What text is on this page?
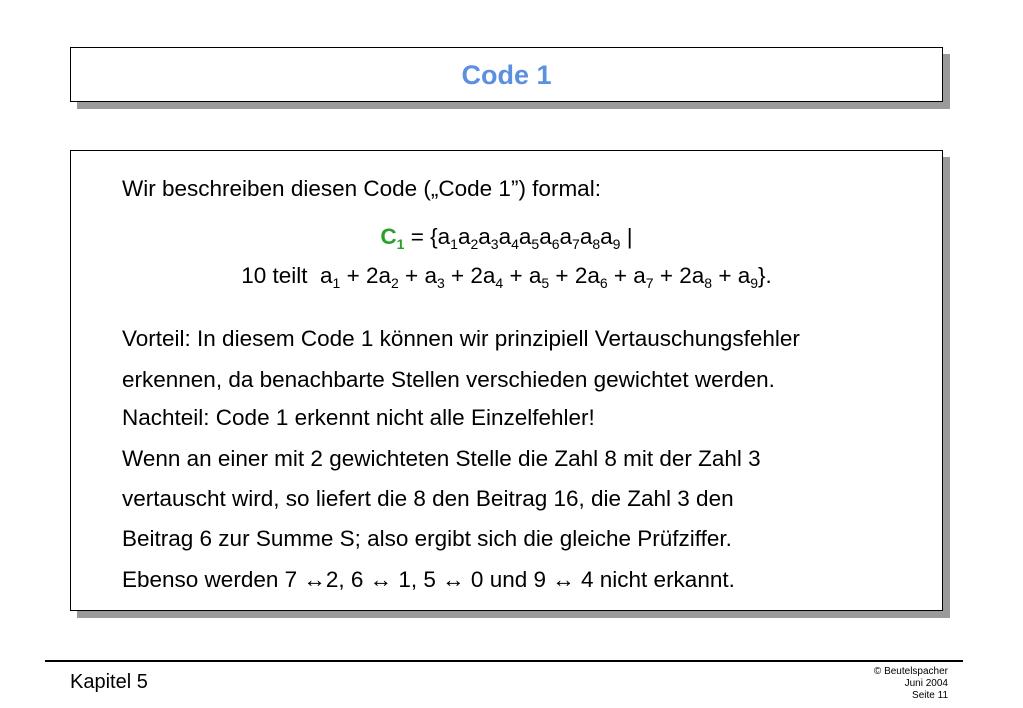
Code 1
Wir beschreiben diesen Code („Code 1”) formal:
$C_1 = \{a_1a_2a_3a_4a_5a_6a_7a_8a_9$ |
10 teilt $a_1 + 2a_2 + a_3 + 2a_4 + a_5 + 2a_6 + a_7 + 2a_8 + a_9$}.
Vorteil: In diesem Code 1 können wir prinzipiell Vertauschungsfehler
erkennen, da benachbarte Stellen verschieden gewichtet werden.
Nachteil: Code 1 erkennt nicht alle Einzelfehler!
Wenn an einer mit 2 gewichteten Stelle die Zahl 8 mit der Zahl 3
vertauscht wird, so liefert die 8 den Beitrag 16, die Zahl 3 den
Beitrag 6 zur Summe S; also ergibt sich die gleiche Prüfziffer.
Ebenso werden 7 ↔2, 6 ↔ 1, 5 ↔ 0 und 9 ↔ 4 nicht erkannt.
Kapitel 5	© Beutelspacher
Juni 2004
Seite 11
